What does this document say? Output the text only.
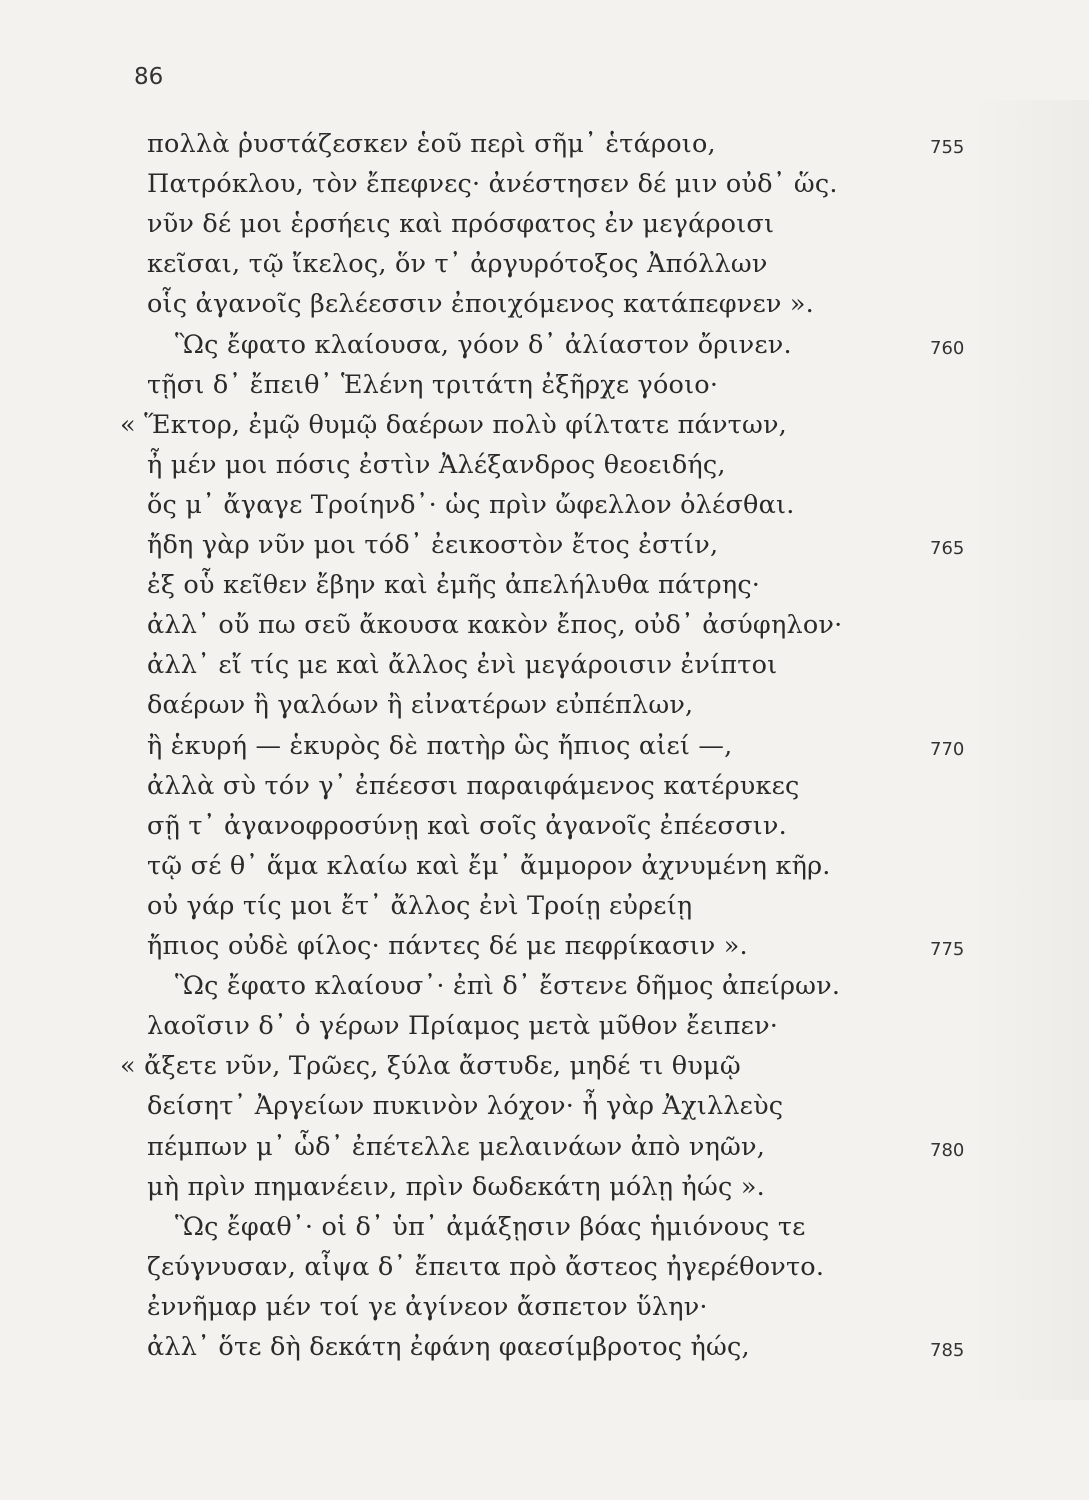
86
πολλὰ ῥυστάζεσκεν ἑοῦ περὶ σῆμ᾽ ἑτάροιο,	755
Πατρόκλου, τὸν ἔπεφνες· ἀνέστησεν δέ μιν οὐδ᾽ ὥς.
νῦν δέ μοι ἑρσήεις καὶ πρόσφατος ἐν μεγάροισι
κεῖσαι, τῷ ἴκελος, ὅν τ᾽ ἀργυρότοξος Ἀπόλλων
οἷς ἀγανοῖς βελέεσσιν ἐποιχόμενος κατάπεφνεν ».
Ὣς ἔφατο κλαίουσα, γόον δ᾽ ἀλίαστον ὄρινεν.	760
τῇσι δ᾽ ἔπειθ᾽ Ἑλένη τριτάτη ἐξῆρχε γόοιο·
« Ἕκτορ, ἐμῷ θυμῷ δαέρων πολὺ φίλτατε πάντων,
ἦ μέν μοι πόσις ἐστὶν Ἀλέξανδρος θεοειδής,
ὅς μ᾽ ἄγαγε Τροίηνδ᾽· ὡς πρὶν ὤφελλον ὀλέσθαι.
ἤδη γὰρ νῦν μοι τόδ᾽ ἐεικοστὸν ἔτος ἐστίν,	765
ἐξ οὗ κεῖθεν ἔβην καὶ ἐμῆς ἀπελήλυθα πάτρης·
ἀλλ᾽ οὔ πω σεῦ ἄκουσα κακὸν ἔπος, οὐδ᾽ ἀσύφηλον·
ἀλλ᾽ εἴ τίς με καὶ ἄλλος ἐνὶ μεγάροισιν ἐνίπτοι
δαέρων ἢ γαλόων ἢ εἰνατέρων εὐπέπλων,
ἢ ἑκυρή — ἑκυρὸς δὲ πατὴρ ὣς ἤπιος αἰεί —,	770
ἀλλὰ σὺ τόν γ᾽ ἐπέεσσι παραιφάμενος κατέρυκες
σῇ τ᾽ ἀγανοφροσύνῃ καὶ σοῖς ἀγανοῖς ἐπέεσσιν.
τῷ σέ θ᾽ ἅμα κλαίω καὶ ἔμ᾽ ἄμμορον ἀχνυμένη κῆρ.
οὐ γάρ τίς μοι ἔτ᾽ ἄλλος ἐνὶ Τροίῃ εὐρείῃ
ἤπιος οὐδὲ φίλος· πάντες δέ με πεφρίκασιν ».	775
Ὣς ἔφατο κλαίουσ᾽· ἐπὶ δ᾽ ἔστενε δῆμος ἀπείρων.
λαοῖσιν δ᾽ ὁ γέρων Πρίαμος μετὰ μῦθον ἔειπεν·
« ἄξετε νῦν, Τρῶες, ξύλα ἄστυδε, μηδέ τι θυμῷ
δείσητ᾽ Ἀργείων πυκινὸν λόχον· ἦ γὰρ Ἀχιλλεὺς
πέμπων μ᾽ ὧδ᾽ ἐπέτελλε μελαινάων ἀπὸ νηῶν,	780
μὴ πρὶν πημανέειν, πρὶν δωδεκάτη μόλῃ ἠώς ».
Ὣς ἔφαθ᾽· οἱ δ᾽ ὑπ᾽ ἀμάξῃσιν βόας ἡμιόνους τε
ζεύγνυσαν, αἶψα δ᾽ ἔπειτα πρὸ ἄστεος ἠγερέθοντο.
ἐννῆμαρ μέν τοί γε ἀγίνεον ἄσπετον ὕλην·
ἀλλ᾽ ὅτε δὴ δεκάτη ἐφάνη φαεσίμβροτος ἠώς,	785
